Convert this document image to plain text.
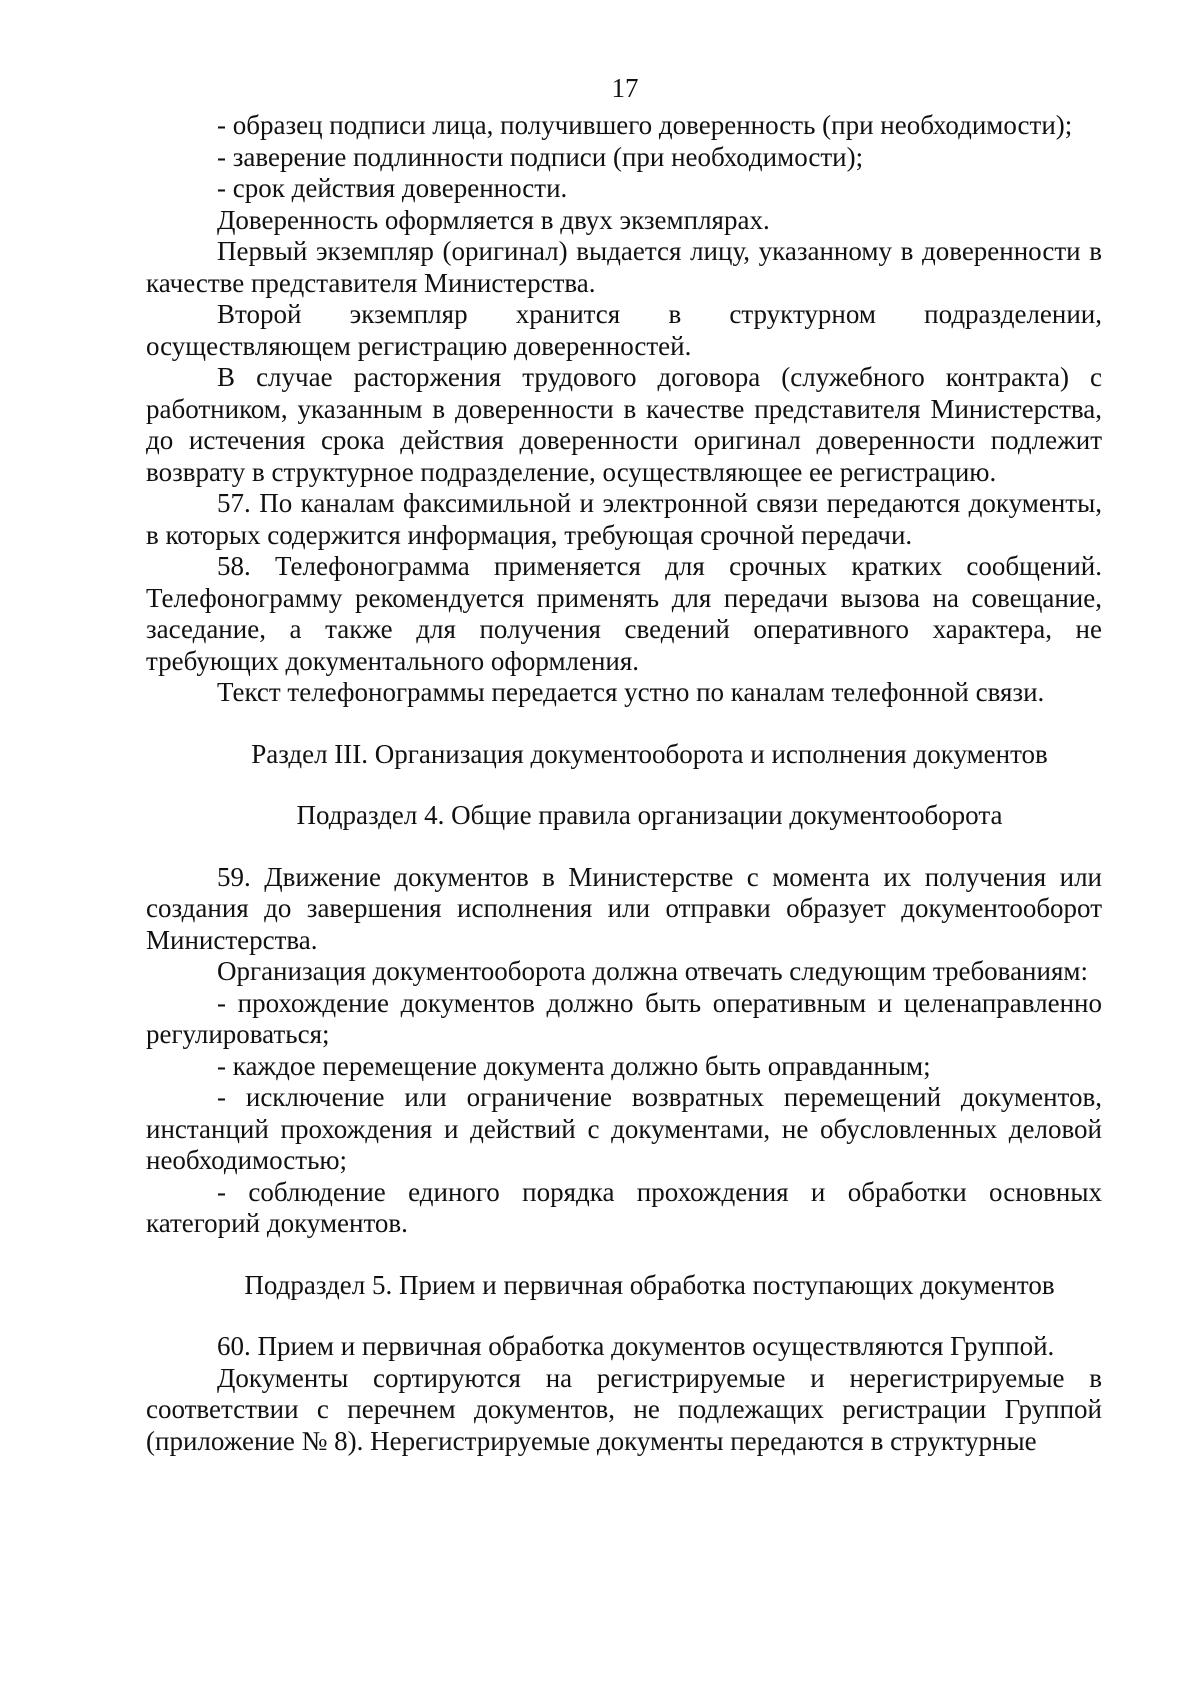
17

- образец подписи лица, получившего доверенность (при необходимости);

- заверение подлинности подписи (при необходимости);

- срок действия доверенности.

Доверенность оформляется в двух экземплярах.

Первый экземпляр (оригинал) выдается лицу, указанному в доверенности в качестве представителя Министерства.

Второй экземпляр хранится в структурном подразделении, осуществляющем регистрацию доверенностей.

В случае расторжения трудового договора (служебного контракта) с работником, указанным в доверенности в качестве представителя Министерства, до истечения срока действия доверенности оригинал доверенности подлежит возврату в структурное подразделение, осуществляющее ее регистрацию.

57. По каналам факсимильной и электронной связи передаются документы, в которых содержится информация, требующая срочной передачи.

58. Телефонограмма применяется для срочных кратких сообщений. Телефонограмму рекомендуется применять для передачи вызова на совещание, заседание, а также для получения сведений оперативного характера, не требующих документального оформления.

Текст телефонограммы передается устно по каналам телефонной связи.

Раздел III. Организация документооборота и исполнения документов

Подраздел 4. Общие правила организации документооборота

59. Движение документов в Министерстве с момента их получения или создания до завершения исполнения или отправки образует документооборот Министерства.

Организация документооборота должна отвечать следующим требованиям:

- прохождение документов должно быть оперативным и целенаправленно регулироваться;

- каждое перемещение документа должно быть оправданным;

- исключение или ограничение возвратных перемещений документов, инстанций прохождения и действий с документами, не обусловленных деловой необходимостью;

- соблюдение единого порядка прохождения и обработки основных категорий документов.

Подраздел 5. Прием и первичная обработка поступающих документов

60. Прием и первичная обработка документов осуществляются Группой.

Документы сортируются на регистрируемые и нерегистрируемые в соответствии с перечнем документов, не подлежащих регистрации Группой (приложение № 8). Нерегистрируемые документы передаются в структурные
